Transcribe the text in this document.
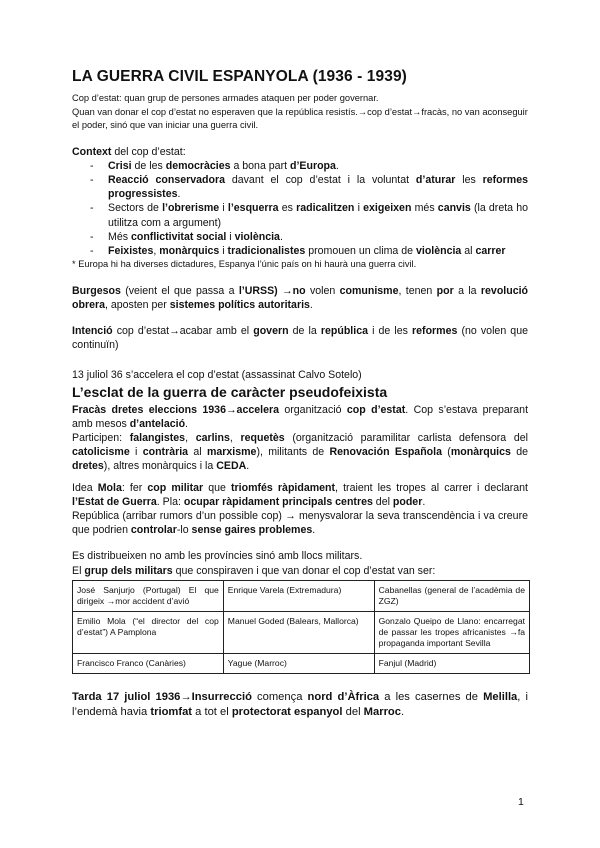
LA GUERRA CIVIL ESPANYOLA (1936 - 1939)

Cop d’estat: quan grup de persones armades ataquen per poder governar.

Quan van donar el cop d’estat no esperaven que la república resistís.→cop d’estat→fracàs, no van aconseguir el poder, sinó que van iniciar una guerra civil.

Context del cop d’estat:

- Crisi de les democràcies a bona part d’Europa.
- Reacció conservadora davant el cop d’estat i la voluntat d’aturar les reformes progressistes.
- Sectors de l’obrerisme i l’esquerra es radicalitzen i exigeixen més canvis (la dreta ho utilitza com a argument)
- Més conflictivitat social i violència.
- Feixistes, monàrquics i tradicionalistes promouen un clima de violència al carrer

* Europa hi ha diverses dictadures, Espanya l’únic país on hi haurà una guerra civil.

Burgesos (veient el que passa a l’URSS) →no volen comunisme, tenen por a la revolució obrera, aposten per sistemes polítics autoritaris.

Intenció cop d’estat→acabar amb el govern de la república i de les reformes (no volen que continuïn)

13 juliol 36 s’accelera el cop d’estat (assassinat Calvo Sotelo)

L’esclat de la guerra de caràcter pseudofeixista

Fracàs dretes eleccions 1936→accelera organització cop d’estat. Cop s’estava preparant amb mesos d’antelació.

Participen: falangistes, carlins, requetès (organització paramilitar carlista defensora del catolicisme i contrària al marxisme), militants de Renovación Española (monàrquics de dretes), altres monàrquics i la CEDA.

Idea Mola: fer cop militar que triomfés ràpidament, traient les tropes al carrer i declarant l’Estat de Guerra. Pla: ocupar ràpidament principals centres del poder.

República (arribar rumors d’un possible cop) → menysvalorar la seva transcendència i va creure que podrien controlar-lo sense gaires problemes.

Es distribueixen no amb les províncies sinó amb llocs militars.

El grup dels militars que conspiraven i que van donar el cop d’estat van ser:

José Sanjurjo (Portugal) El que dirigeix →mor accident d’avió	Enrique Varela (Extremadura)	Cabanellas (general de l’acadèmia de ZGZ)
Emilio Mola (“el director del cop d’estat”) A Pamplona	Manuel Goded (Balears, Mallorca)	Gonzalo Queipo de Llano: encarregat de passar les tropes africanistes →fa propaganda important Sevilla
Francisco Franco (Canàries)	Yague (Marroc)	Fanjul (Madrid)

Tarda 17 juliol 1936→Insurrecció comença nord d’Àfrica a les casernes de Melilla, i l’endemà havia triomfat a tot el protectorat espanyol del Marroc.

1
